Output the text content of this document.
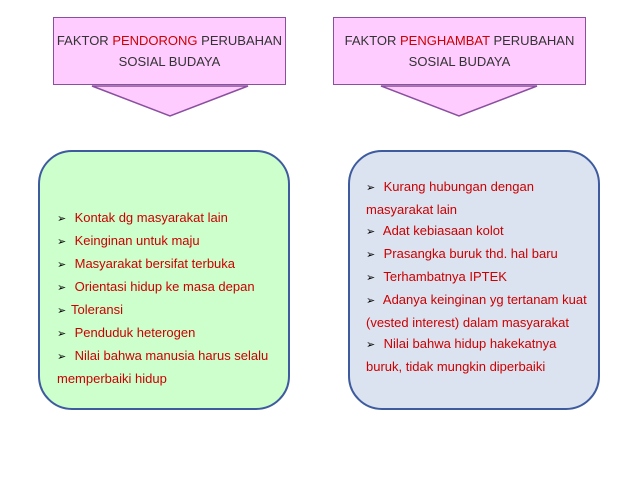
FAKTOR PENDORONG PERUBAHAN
SOSIAL BUDAYA
FAKTOR PENGHAMBAT PERUBAHAN
SOSIAL BUDAYA
➢ Kontak dg masyarakat lain
➢ Keinginan untuk maju
➢ Masyarakat bersifat terbuka
➢ Orientasi hidup ke masa depan
➢ Toleransi
➢ Penduduk heterogen
➢ Nilai bahwa manusia harus selalu memperbaiki hidup
➢ Kurang hubungan dengan masyarakat lain
➢ Adat kebiasaan kolot
➢ Prasangka buruk thd. hal baru
➢ Terhambatnya IPTEK
➢ Adanya keinginan yg tertanam kuat (vested interest) dalam masyarakat
➢ Nilai bahwa hidup hakekatnya buruk, tidak mungkin diperbaiki
